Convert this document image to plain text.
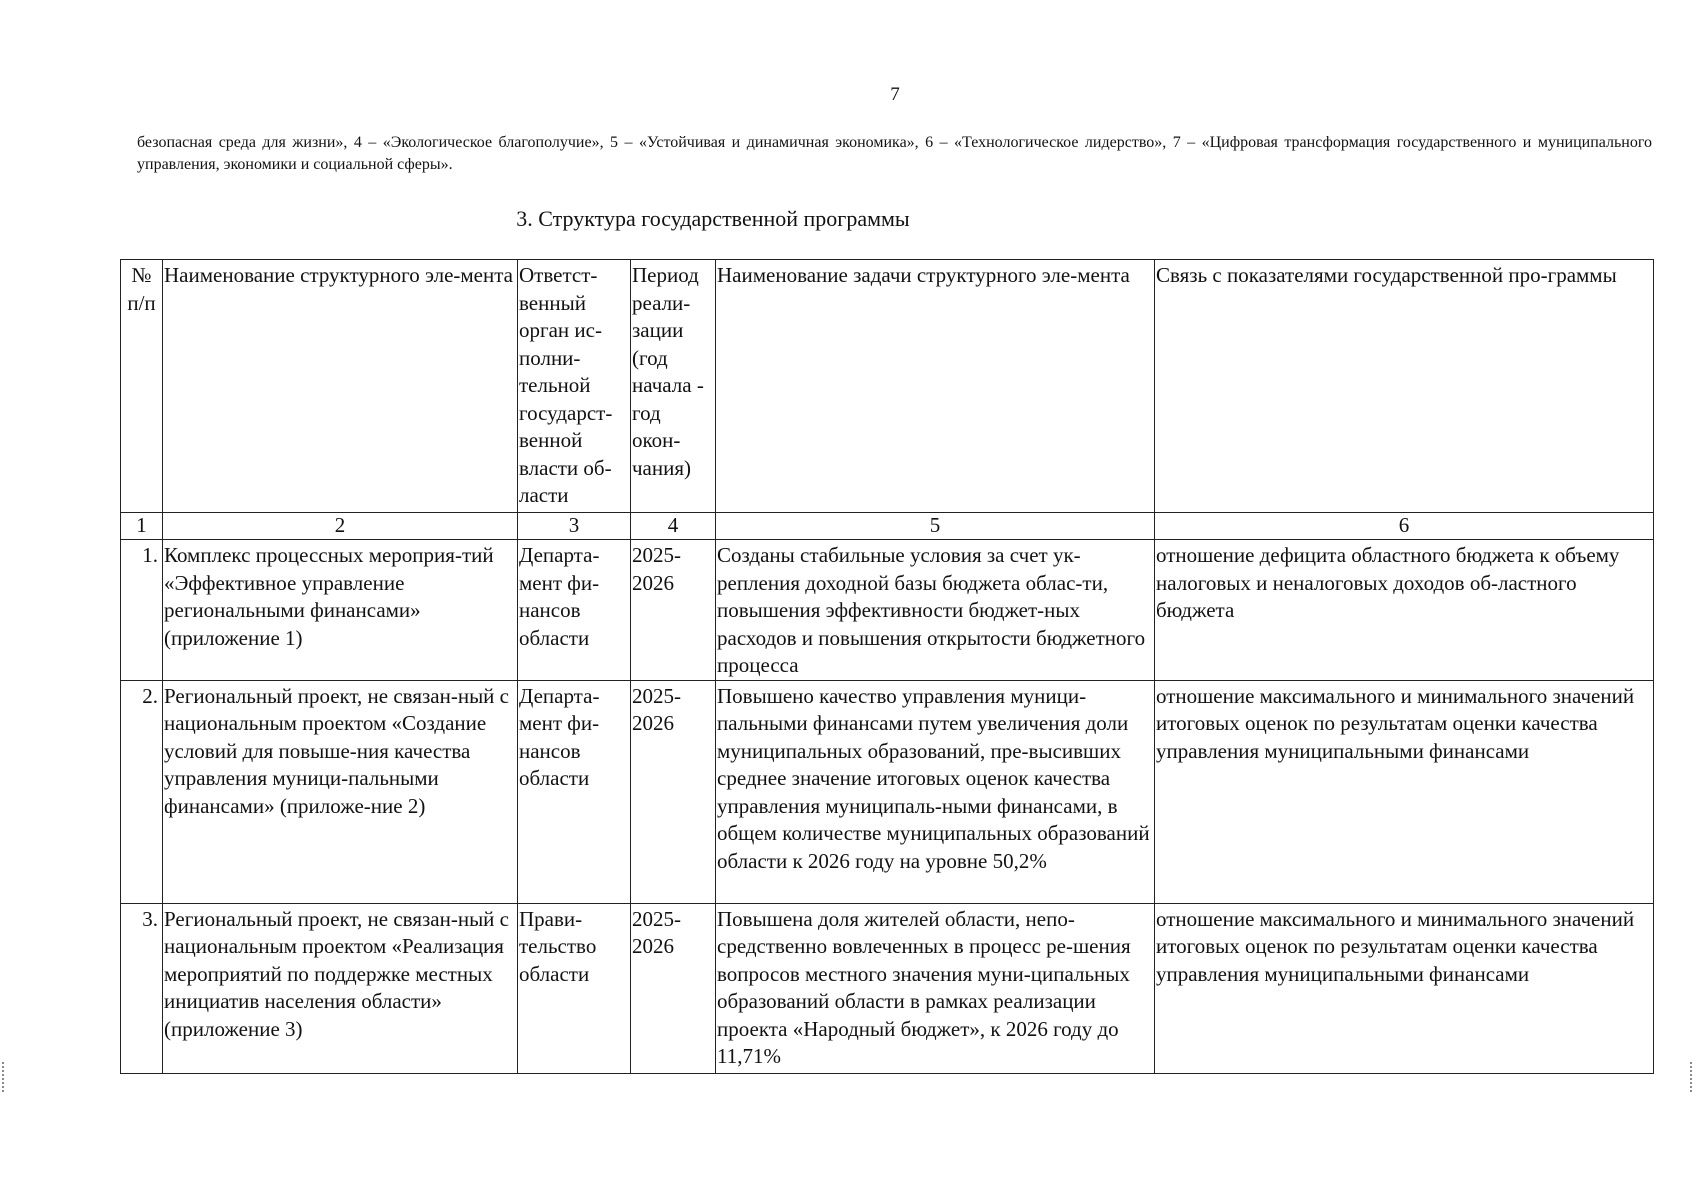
7
безопасная среда для жизни», 4 – «Экологическое благополучие», 5 – «Устойчивая и динамичная экономика», 6 – «Технологическое лидерство», 7 – «Цифровая трансформация государственного и муниципального управления, экономики и социальной сферы».
3. Структура государственной программы
№ п/п	Наименование структурного эле-мента	Ответст-венный орган ис-полни-тельной государст-венной власти об-ласти	Период реали-зации (год начала - год окон-чания)	Наименование задачи структурного эле-мента	Связь с показателями государственной про-граммы
1	2	3	4	5	6
1.	Комплекс процессных мероприя-тий «Эффективное управление региональными финансами» (приложение 1)	Департа-мент фи-нансов области	2025-2026	Созданы стабильные условия за счет ук-репления доходной базы бюджета облас-ти, повышения эффективности бюджет-ных расходов и повышения открытости бюджетного процесса	отношение дефицита областного бюджета к объему налоговых и неналоговых доходов об-ластного бюджета
2.	Региональный проект, не связан-ный с национальным проектом «Создание условий для повыше-ния качества управления муници-пальными финансами» (приложе-ние 2)	Департа-мент фи-нансов области	2025-2026	Повышено качество управления муници-пальными финансами путем увеличения доли муниципальных образований, пре-высивших среднее значение итоговых оценок качества управления муниципаль-ными финансами, в общем количестве муниципальных образований области к 2026 году на уровне 50,2%	отношение максимального и минимального значений итоговых оценок по результатам оценки качества управления муниципальными финансами
3.	Региональный проект, не связан-ный с национальным проектом «Реализация мероприятий по поддержке местных инициатив населения области» (приложение 3)	Прави-тельство области	2025-2026	Повышена доля жителей области, непо-средственно вовлеченных в процесс ре-шения вопросов местного значения муни-ципальных образований области в рамках реализации проекта «Народный бюджет», к 2026 году до 11,71%	отношение максимального и минимального значений итоговых оценок по результатам оценки качества управления муниципальными финансами
